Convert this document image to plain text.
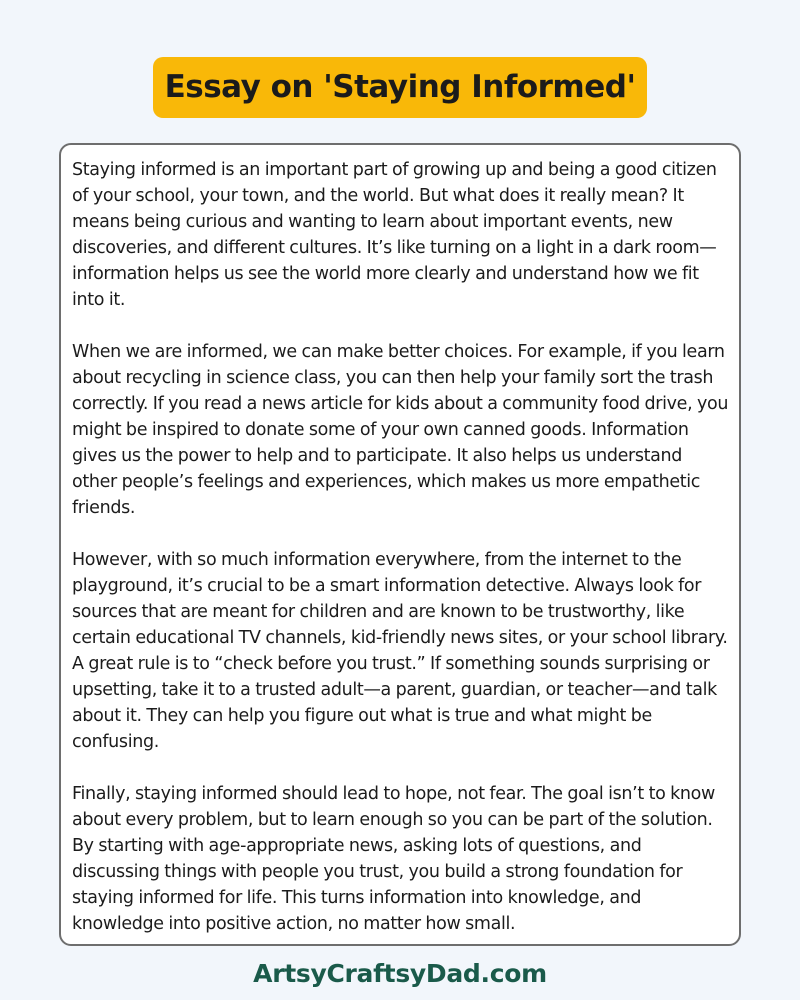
Essay on 'Staying Informed'

Staying informed is an important part of growing up and being a good citizen of your school, your town, and the world. But what does it really mean? It means being curious and wanting to learn about important events, new discoveries, and different cultures. It’s like turning on a light in a dark room—information helps us see the world more clearly and understand how we fit into it.

When we are informed, we can make better choices. For example, if you learn about recycling in science class, you can then help your family sort the trash correctly. If you read a news article for kids about a community food drive, you might be inspired to donate some of your own canned goods. Information gives us the power to help and to participate. It also helps us understand other people’s feelings and experiences, which makes us more empathetic friends.

However, with so much information everywhere, from the internet to the playground, it’s crucial to be a smart information detective. Always look for sources that are meant for children and are known to be trustworthy, like certain educational TV channels, kid-friendly news sites, or your school library. A great rule is to “check before you trust.” If something sounds surprising or upsetting, take it to a trusted adult—a parent, guardian, or teacher—and talk about it. They can help you figure out what is true and what might be confusing.

Finally, staying informed should lead to hope, not fear. The goal isn’t to know about every problem, but to learn enough so you can be part of the solution. By starting with age-appropriate news, asking lots of questions, and discussing things with people you trust, you build a strong foundation for staying informed for life. This turns information into knowledge, and knowledge into positive action, no matter how small.

ArtsyCraftsyDad.com
